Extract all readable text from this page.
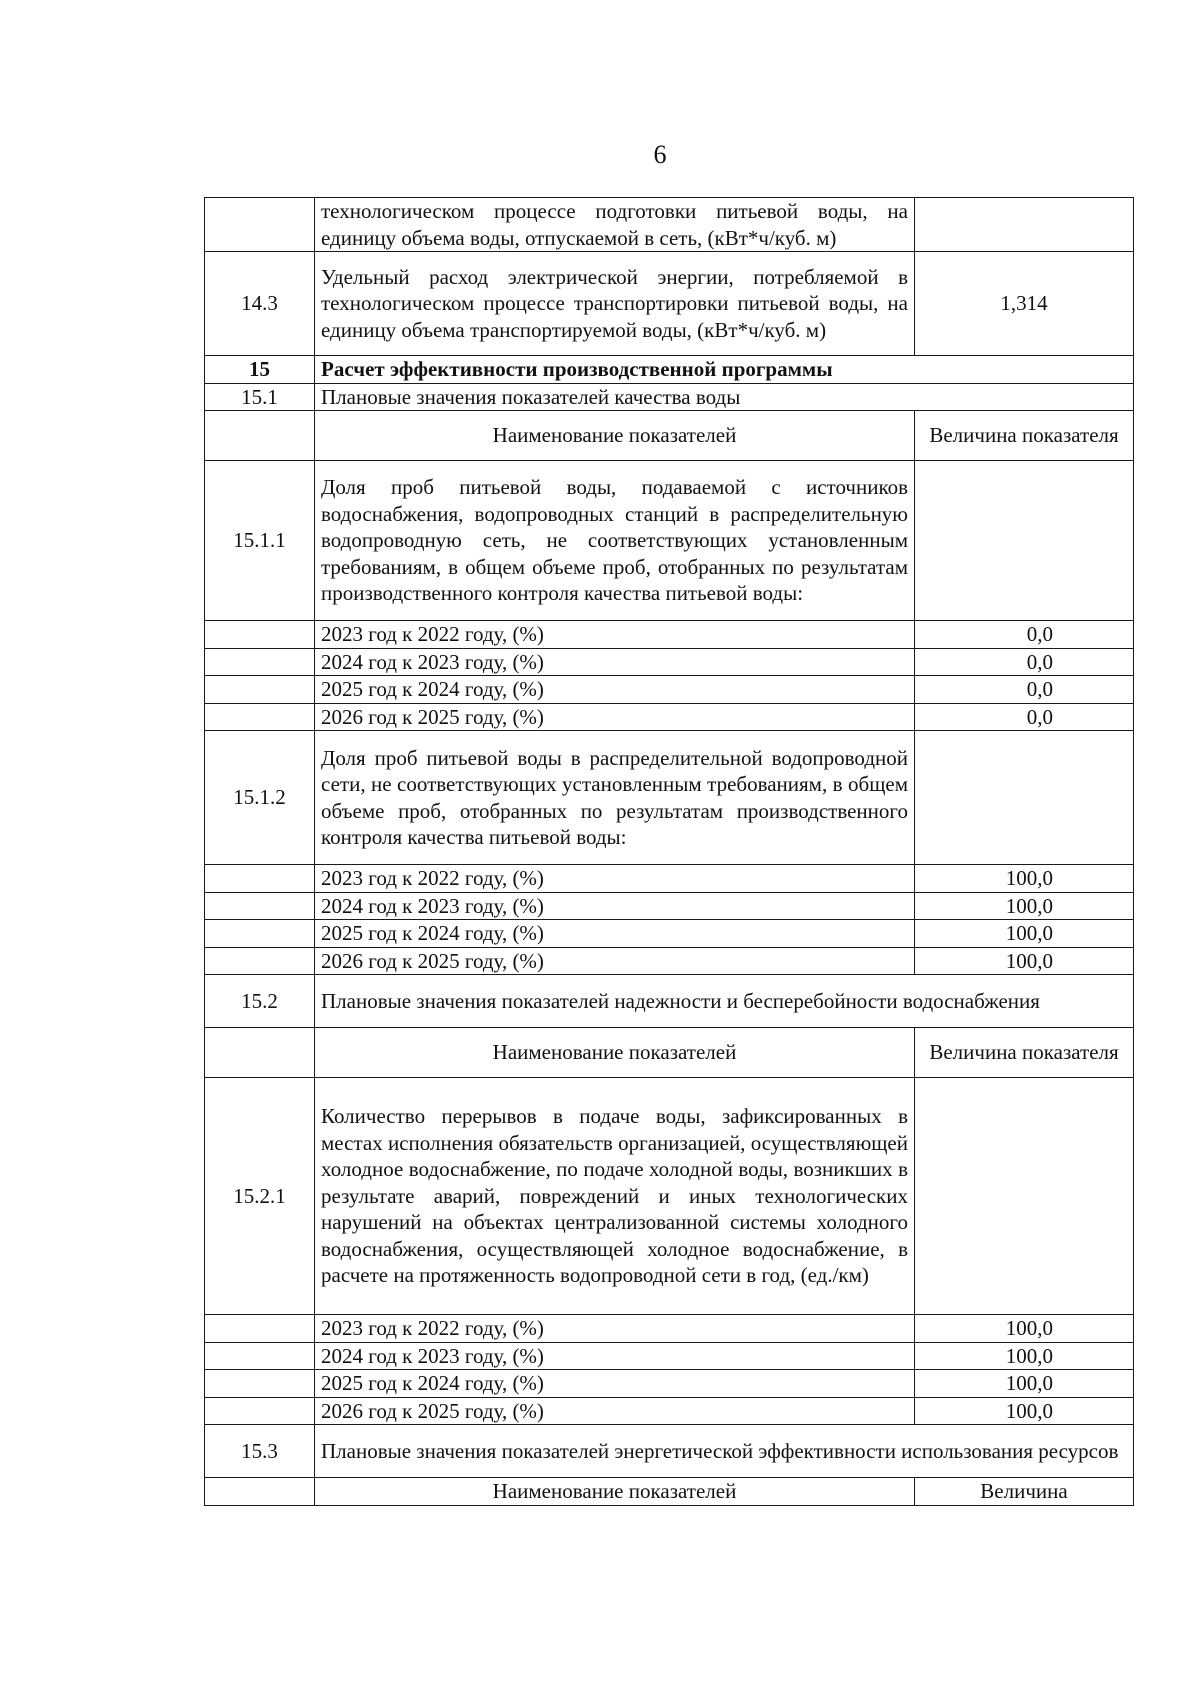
6
	технологическом процессе подготовки питьевой воды, на единицу объема воды, отпускаемой в сеть, (кВт*ч/куб. м)	
14.3	Удельный расход электрической энергии, потребляемой в технологическом процессе транспортировки питьевой воды, на единицу объема транспортируемой воды, (кВт*ч/куб. м)	1,314
15	Расчет эффективности производственной программы	
15.1	Плановые значения показателей качества воды	
	Наименование показателей	Величина показателя
15.1.1	Доля проб питьевой воды, подаваемой с источников водоснабжения, водопроводных станций в распределительную водопроводную сеть, не соответствующих установленным требованиям, в общем объеме проб, отобранных по результатам производственного контроля качества питьевой воды:	
	2023 год к 2022 году, (%)	0,0
	2024 год к 2023 году, (%)	0,0
	2025 год к 2024 году, (%)	0,0
	2026 год к 2025 году, (%)	0,0
15.1.2	Доля проб питьевой воды в распределительной водопроводной сети, не соответствующих установленным требованиям, в общем объеме проб, отобранных по результатам производственного контроля качества питьевой воды:	
	2023 год к 2022 году, (%)	100,0
	2024 год к 2023 году, (%)	100,0
	2025 год к 2024 году, (%)	100,0
	2026 год к 2025 году, (%)	100,0
15.2	Плановые значения показателей надежности и бесперебойности водоснабжения	
	Наименование показателей	Величина показателя
15.2.1	Количество перерывов в подаче воды, зафиксированных в местах исполнения обязательств организацией, осуществляющей холодное водоснабжение, по подаче холодной воды, возникших в результате аварий, повреждений и иных технологических нарушений на объектах централизованной системы холодного водоснабжения, осуществляющей холодное водоснабжение, в расчете на протяженность водопроводной сети в год, (ед./км)	
	2023 год к 2022 году, (%)	100,0
	2024 год к 2023 году, (%)	100,0
	2025 год к 2024 году, (%)	100,0
	2026 год к 2025 году, (%)	100,0
15.3	Плановые значения показателей энергетической эффективности использования ресурсов	
	Наименование показателей	Величина
